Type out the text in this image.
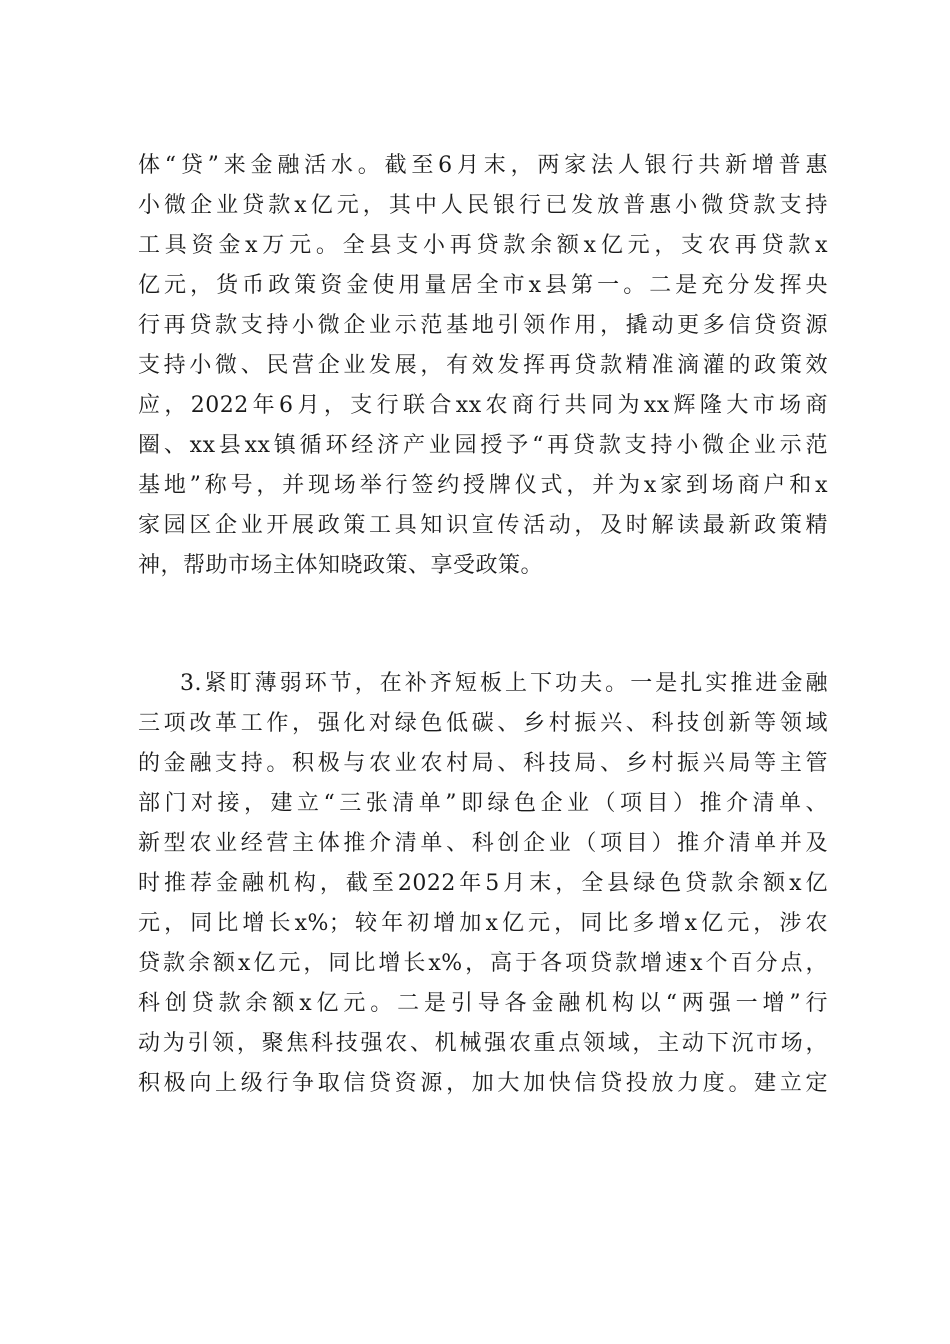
体“贷”来金融活水。截至6月末，两家法人银行共新增普惠
小微企业贷款x亿元，其中人民银行已发放普惠小微贷款支持
工具资金x万元。全县支小再贷款余额x亿元，支农再贷款x
亿元，货币政策资金使用量居全市x县第一。二是充分发挥央
行再贷款支持小微企业示范基地引领作用，撬动更多信贷资源
支持小微、民营企业发展，有效发挥再贷款精准滴灌的政策效
应，2022年6月，支行联合xx农商行共同为xx辉隆大市场商
圈、xx县xx镇循环经济产业园授予“再贷款支持小微企业示范
基地”称号，并现场举行签约授牌仪式，并为x家到场商户和x
家园区企业开展政策工具知识宣传活动，及时解读最新政策精
神，帮助市场主体知晓政策、享受政策。
3.紧盯薄弱环节，在补齐短板上下功夫。一是扎实推进金融
三项改革工作，强化对绿色低碳、乡村振兴、科技创新等领域
的金融支持。积极与农业农村局、科技局、乡村振兴局等主管
部门对接，建立“三张清单”即绿色企业（项目）推介清单、
新型农业经营主体推介清单、科创企业（项目）推介清单并及
时推荐金融机构，截至2022年5月末，全县绿色贷款余额x亿
元，同比增长x%；较年初增加x亿元，同比多增x亿元，涉农
贷款余额x亿元，同比增长x%，高于各项贷款增速x个百分点，
科创贷款余额x亿元。二是引导各金融机构以“两强一增”行
动为引领，聚焦科技强农、机械强农重点领域，主动下沉市场，
积极向上级行争取信贷资源，加大加快信贷投放力度。建立定
